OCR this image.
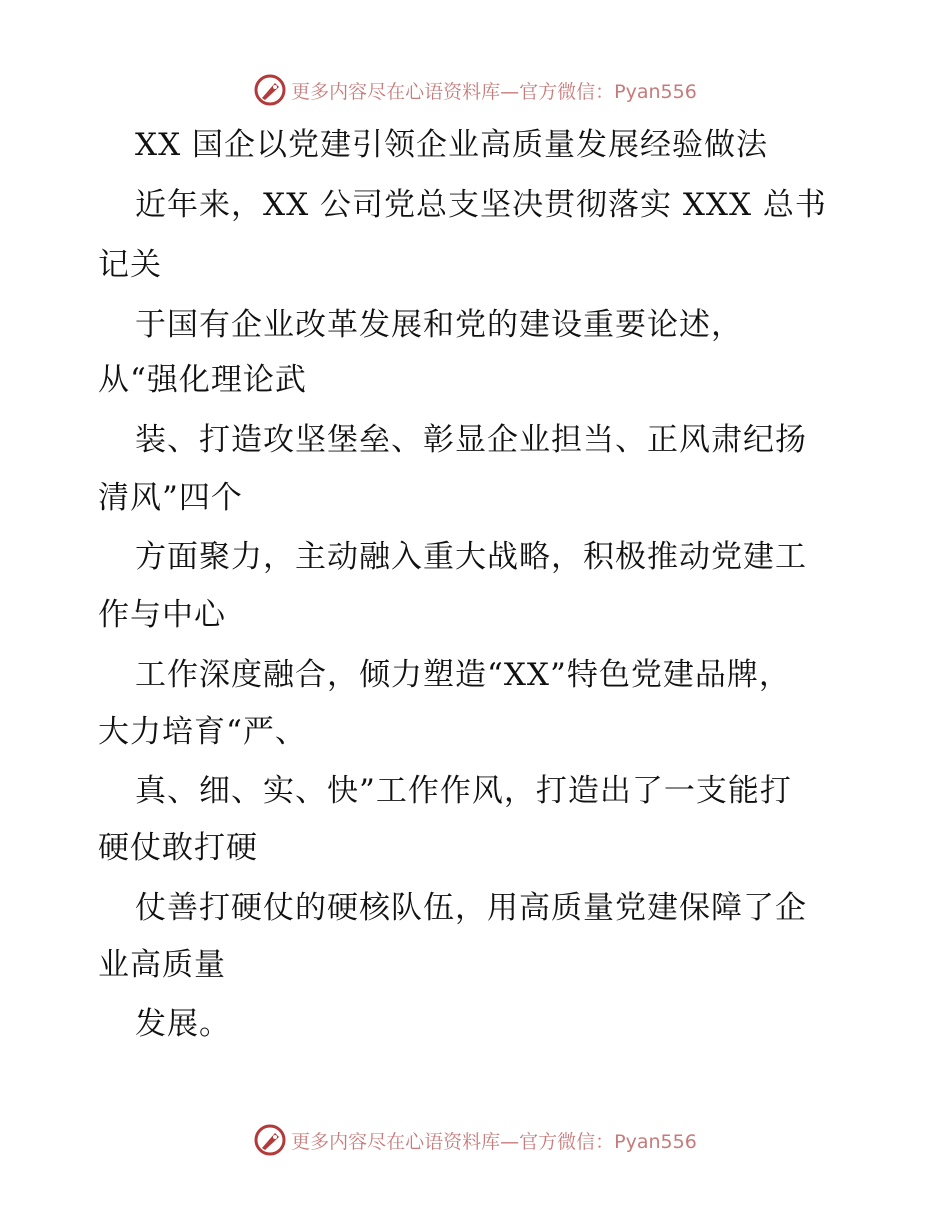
更多内容尽在心语资料库—官方微信：Pyan556
XX 国企以党建引领企业高质量发展经验做法
近年来，XX 公司党总支坚决贯彻落实 XXX 总书
记关
于国有企业改革发展和党的建设重要论述，
从“强化理论武
装、打造攻坚堡垒、彰显企业担当、正风肃纪扬
清风”四个
方面聚力，主动融入重大战略，积极推动党建工
作与中心
工作深度融合，倾力塑造“XX”特色党建品牌，
大力培育“严、
真、细、实、快”工作作风，打造出了一支能打
硬仗敢打硬
仗善打硬仗的硬核队伍，用高质量党建保障了企
业高质量
发展。
更多内容尽在心语资料库—官方微信：Pyan556
